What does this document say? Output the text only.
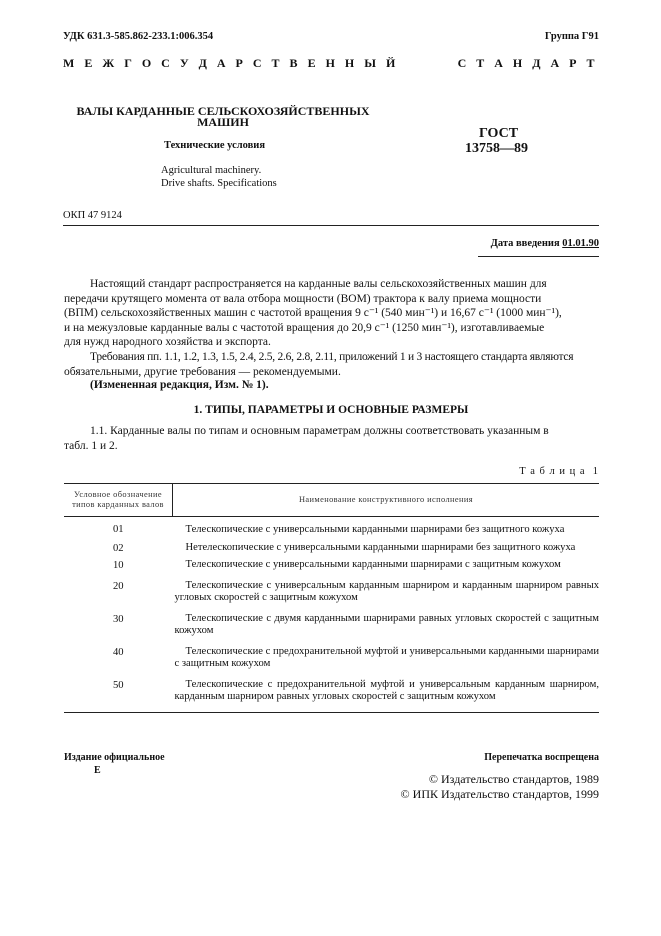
УДК 631.3-585.862-233.1:006.354	Группа Г91
М Е Ж Г О С У Д А Р С Т В Е Н Н Ы Й	С Т А Н Д А Р Т
ВАЛЫ КАРДАННЫЕ СЕЛЬСКОХОЗЯЙСТВЕННЫХ
МАШИН
Технические условия
Agricultural machinery.
Drive shafts. Specifications
ГОСТ
13758—89
ОКП 47 9124
Дата введения 01.01.90
Настоящий стандарт распространяется на карданные валы сельскохозяйственных машин для
передачи крутящего момента от вала отбора мощности (ВОМ) трактора к валу приема мощности
(ВПМ) сельскохозяйственных машин с частотой вращения 9 с⁻¹ (540 мин⁻¹) и 16,67 с⁻¹ (1000 мин⁻¹),
и на межузловые карданные валы с частотой вращения до 20,9 с⁻¹ (1250 мин⁻¹), изготавливаемые
для нужд народного хозяйства и экспорта.
Требования пп. 1.1, 1.2, 1.3, 1.5, 2.4, 2.5, 2.6, 2.8, 2.11, приложений 1 и 3 настоящего стандарта являются
обязательными, другие требования — рекомендуемыми.
(Измененная редакция, Изм. № 1).
1. ТИПЫ, ПАРАМЕТРЫ И ОСНОВНЫЕ РАЗМЕРЫ
1.1. Карданные валы по типам и основным параметрам должны соответствовать указанным в
табл. 1 и 2.
Т а б л и ц а  1
Условное обозначение
типов карданных валов	Наименование конструктивного исполнения
01	Телескопические с универсальными карданными шарнирами без защитного кожуха
02	Нетелескопические с универсальными карданными шарнирами без защитного кожуха
10	Телескопические с универсальными карданными шарнирами с защитным кожухом
20	Телескопические с универсальным карданным шарниром и карданным шарниром равных угловых скоростей с защитным кожухом
30	Телескопические с двумя карданными шарнирами равных угловых скоростей с защитным кожухом
40	Телескопические с предохранительной муфтой и универсальными карданными шарнирами с защитным кожухом
50	Телескопические с предохранительной муфтой и универсальным карданным шарниром, карданным шарниром равных угловых скоростей с защитным кожухом
Издание официальное
Е
Перепечатка воспрещена
© Издательство стандартов, 1989
© ИПК Издательство стандартов, 1999
